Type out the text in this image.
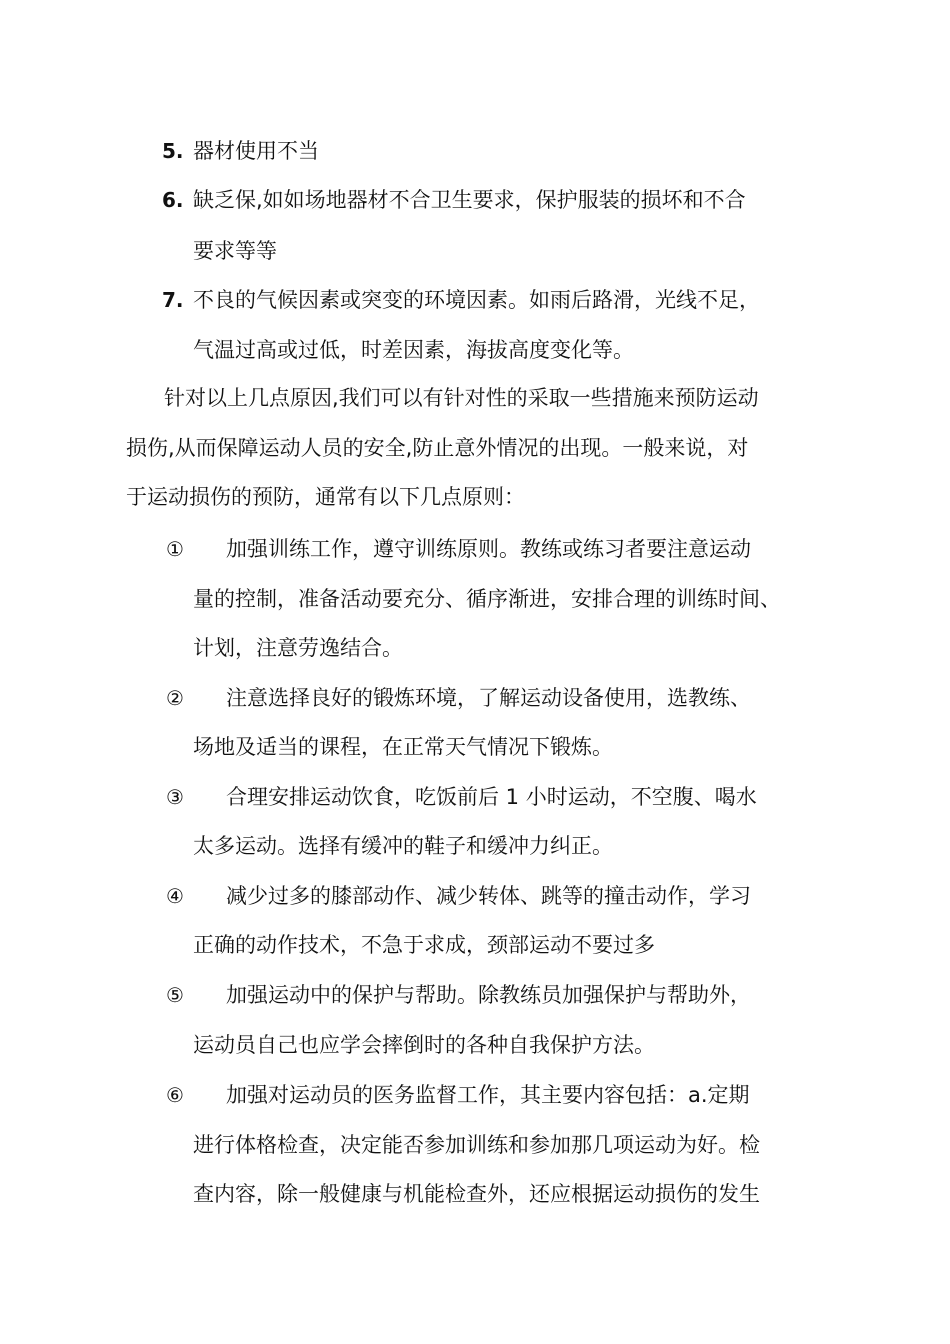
5. 器材使用不当
6. 缺乏保,如如场地器材不合卫生要求，保护服装的损坏和不合
要求等等
7. 不良的气候因素或突变的环境因素。如雨后路滑，光线不足，
气温过高或过低，时差因素，海拔高度变化等。
针对以上几点原因,我们可以有针对性的采取一些措施来预防运动
损伤,从而保障运动人员的安全,防止意外情况的出现。一般来说，对
于运动损伤的预防，通常有以下几点原则：
① 加强训练工作，遵守训练原则。教练或练习者要注意运动
量的控制，准备活动要充分、循序渐进，安排合理的训练时间、
计划，注意劳逸结合。
② 注意选择良好的锻炼环境，了解运动设备使用，选教练、
场地及适当的课程，在正常天气情况下锻炼。
③ 合理安排运动饮食，吃饭前后 1 小时运动，不空腹、喝水
太多运动。选择有缓冲的鞋子和缓冲力纠正。
④ 减少过多的膝部动作、减少转体、跳等的撞击动作，学习
正确的动作技术，不急于求成，颈部运动不要过多
⑤ 加强运动中的保护与帮助。除教练员加强保护与帮助外，
运动员自己也应学会摔倒时的各种自我保护方法。
⑥ 加强对运动员的医务监督工作，其主要内容包括：a.定期
进行体格检查，决定能否参加训练和参加那几项运动为好。检
查内容，除一般健康与机能检查外，还应根据运动损伤的发生
